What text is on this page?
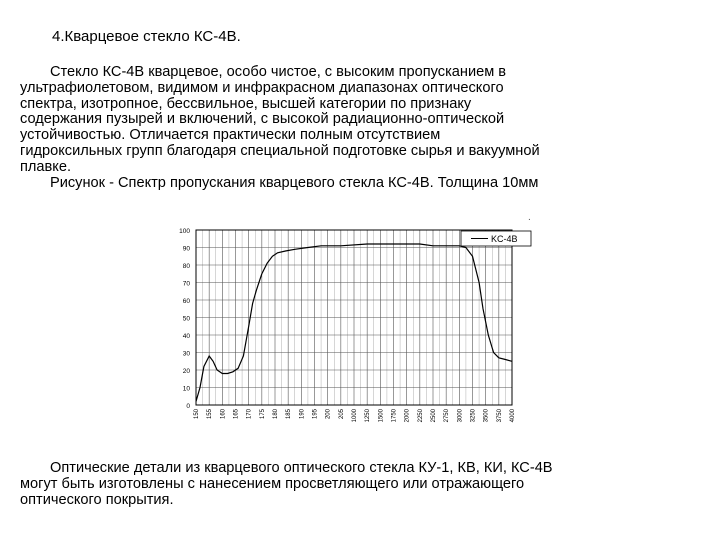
4.Кварцевое стекло КС-4В.
Стекло КС-4В кварцевое, особо чистое, с высоким пропусканием в
ультрафиолетовом, видимом и инфракрасном диапазонах оптического
спектра, изотропное, бессвильное, высшей категории по признаку
содержания пузырей и включений, с высокой радиационно-оптической
устойчивостью. Отличается практически полным отсутствием
гидроксильных групп благодаря специальной подготовке сырья и вакуумной
плавке.
Рисунок - Спектр пропускания кварцевого стекла КС-4В. Толщина 10мм
.
0
10
20
30
40
50
60
70
80
90
100
150 155 160 165 170 175 180 185 190 195 200 205 1000 1250 1500 1750 2000 2250 2500 2750 3000 3250 3500 3750 4000
KC-4B
Оптические детали из кварцевого оптического стекла КУ-1, КВ, КИ, КС-4В
могут быть изготовлены с нанесением просветляющего или отражающего
оптического покрытия.
